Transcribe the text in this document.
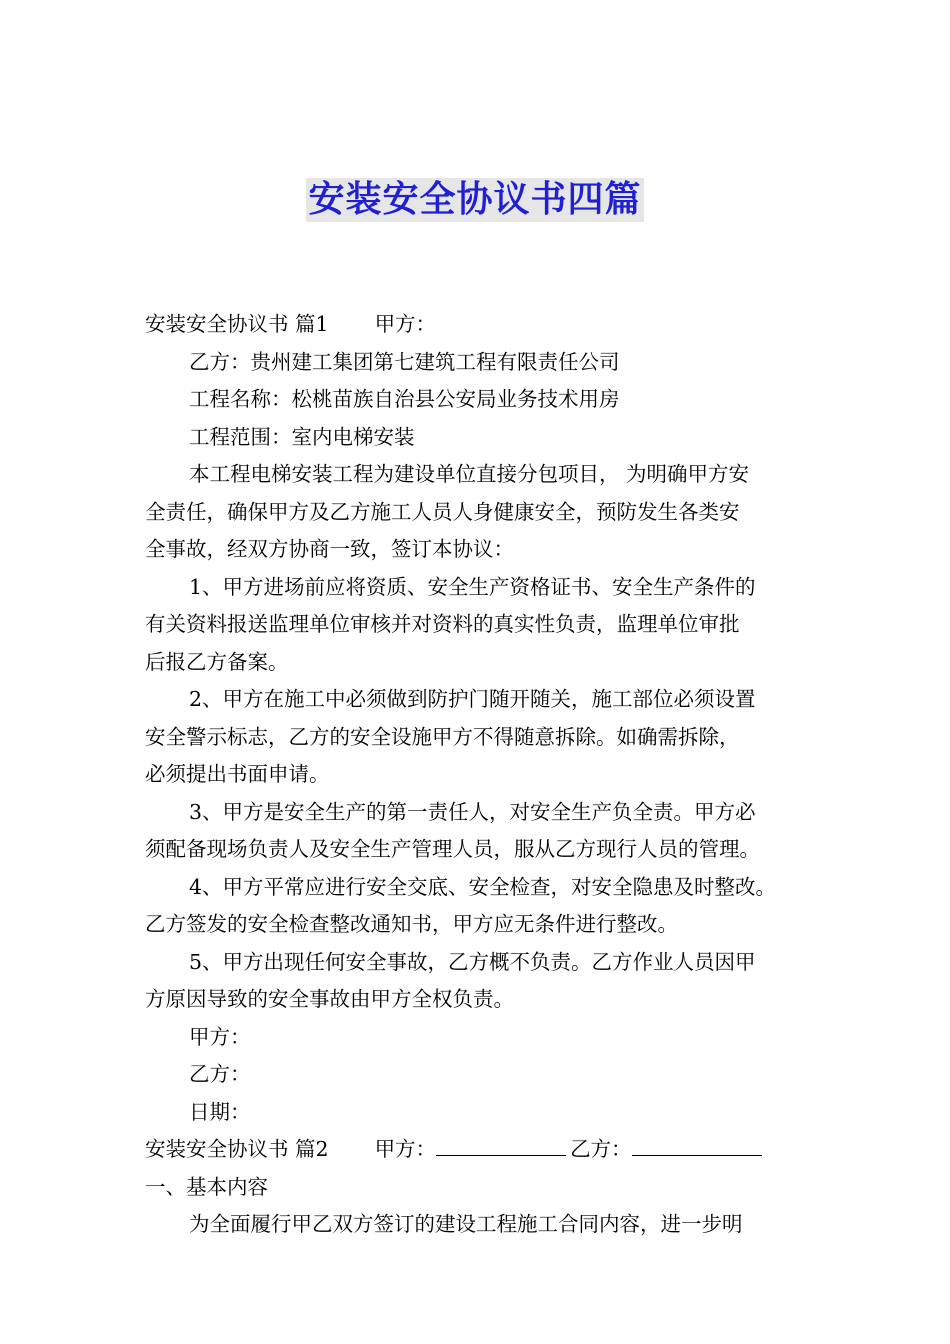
安装安全协议书四篇
安装安全协议书 篇1 甲方：
乙方：贵州建工集团第七建筑工程有限责任公司
工程名称：松桃苗族自治县公安局业务技术用房
工程范围：室内电梯安装
本工程电梯安装工程为建设单位直接分包项目， 为明确甲方安
全责任，确保甲方及乙方施工人员人身健康安全，预防发生各类安
全事故，经双方协商一致，签订本协议：
1、甲方进场前应将资质、安全生产资格证书、安全生产条件的
有关资料报送监理单位审核并对资料的真实性负责，监理单位审批
后报乙方备案。
2、甲方在施工中必须做到防护门随开随关，施工部位必须设置
安全警示标志，乙方的安全设施甲方不得随意拆除。如确需拆除，
必须提出书面申请。
3、甲方是安全生产的第一责任人，对安全生产负全责。甲方必
须配备现场负责人及安全生产管理人员，服从乙方现行人员的管理。
4、甲方平常应进行安全交底、安全检查，对安全隐患及时整改。
乙方签发的安全检查整改通知书，甲方应无条件进行整改。
5、甲方出现任何安全事故，乙方概不负责。乙方作业人员因甲
方原因导致的安全事故由甲方全权负责。
甲方：
乙方：
日期：
安装安全协议书 篇2 甲方：	乙方：
一、基本内容
为全面履行甲乙双方签订的建设工程施工合同内容，进一步明
